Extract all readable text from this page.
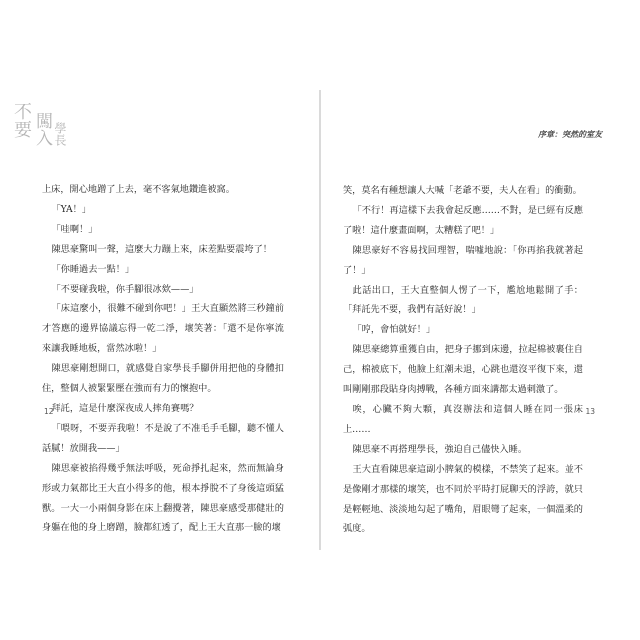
不要 闖入 學長

上床，開心地蹭了上去，毫不客氣地鑽進被窩。

「YA！」

「哇啊！」

陳思豪驚叫一聲，這麼大力蹦上來，床差點要震垮了！

「你睡過去一點！」

「不要碰我啦，你手腳很冰欸——」

「床這麼小，很難不碰到你吧！」王大直顯然將三秒鐘前才答應的邊界協議忘得一乾二淨，壞笑著：「還不是你寧流來讓我睡地板，當然冰啦！」

陳思豪剛想開口，就感覺自家學長手腳併用把他的身體扣住，整個人被緊緊壓在強而有力的懷抱中。

拜託，這是什麼深夜成人摔角賽嗎？

「喂呀，不要弄我啦！不是說了不准毛手毛腳，聽不懂人話膩！放開我——」

陳思豪被掐得幾乎無法呼吸，死命掙扎起來，然而無論身形或力氣都比王大直小得多的他，根本掙脫不了身後這頭猛獸。一大一小兩個身影在床上翻攪著，陳思豪感受那健壯的身軀在他的身上磨蹭，臉都紅透了，配上王大直那一臉的壞

12
序章：突然的室友

笑，莫名有種想讓人大喊「老爺不要，夫人在看」的衝動。

「不行！再這樣下去我會起反應……不對，是已經有反應了啦！這什麼畫面啊，太糟糕了吧！」

陳思豪好不容易找回理智，喘噓地說：「你再掐我就著起了！」

此話出口，王大直整個人愣了一下，尷尬地鬆開了手：「拜託先不要，我們有話好說！」

「哼，會怕就好！」

陳思豪總算重獲自由，把身子挪到床邊，拉起棉被裹住自己，棉被底下，他臉上紅潮未退，心跳也還沒平復下來，還叫剛剛那段貼身肉搏戰，各種方面來講都太過刺激了。

唉，心臟不夠大顆，真沒辦法和這個人睡在同一張床上……

陳思豪不再搭理學長，強迫自己儘快入睡。

王大直看陳思豪這副小脾氣的模樣，不禁笑了起來。並不是像剛才那樣的壞笑，也不同於平時打屁聊天的浮誇，就只是輕輕地、淡淡地勾起了嘴角，眉眼彎了起來，一個溫柔的弧度。

13
